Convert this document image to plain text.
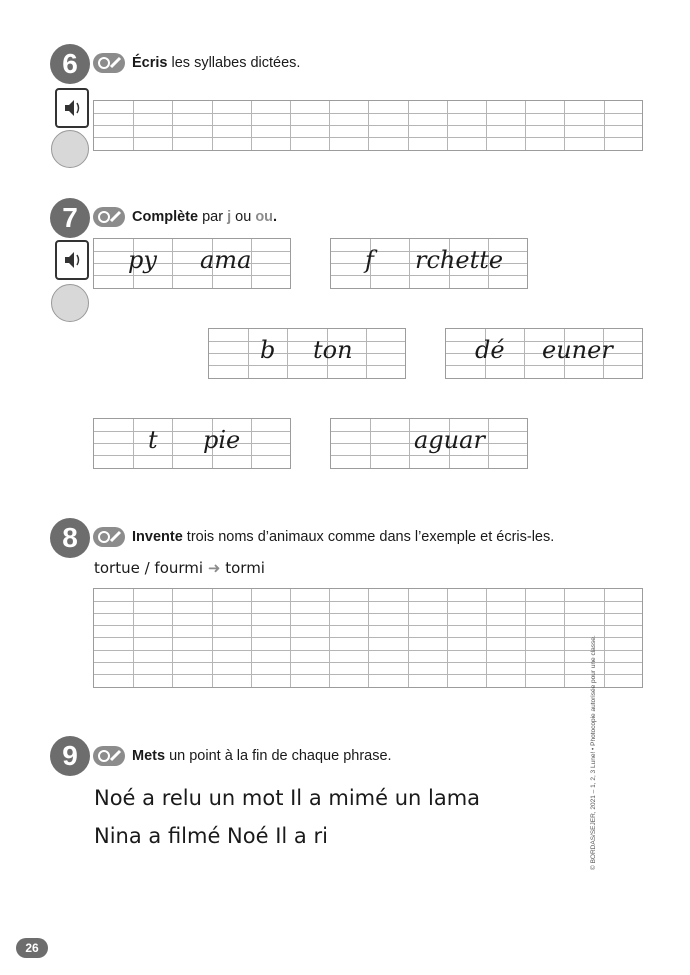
6	Écris les syllabes dictées.
7	Complète par j ou ou.
py ama	f rchette
b ton	dé euner
t pie	aguar
8	Invente trois noms d’animaux comme dans l’exemple et écris-les.
tortue / fourmi ➜ tormi
9	Mets un point à la fin de chaque phrase.
Noé a relu un mot Il a mimé un lama
Nina a filmé Noé Il a ri	© BORDAS/SEJER, 2021 – 1, 2, 3 Lune! • Photocopie autorisée pour une classe.
26
